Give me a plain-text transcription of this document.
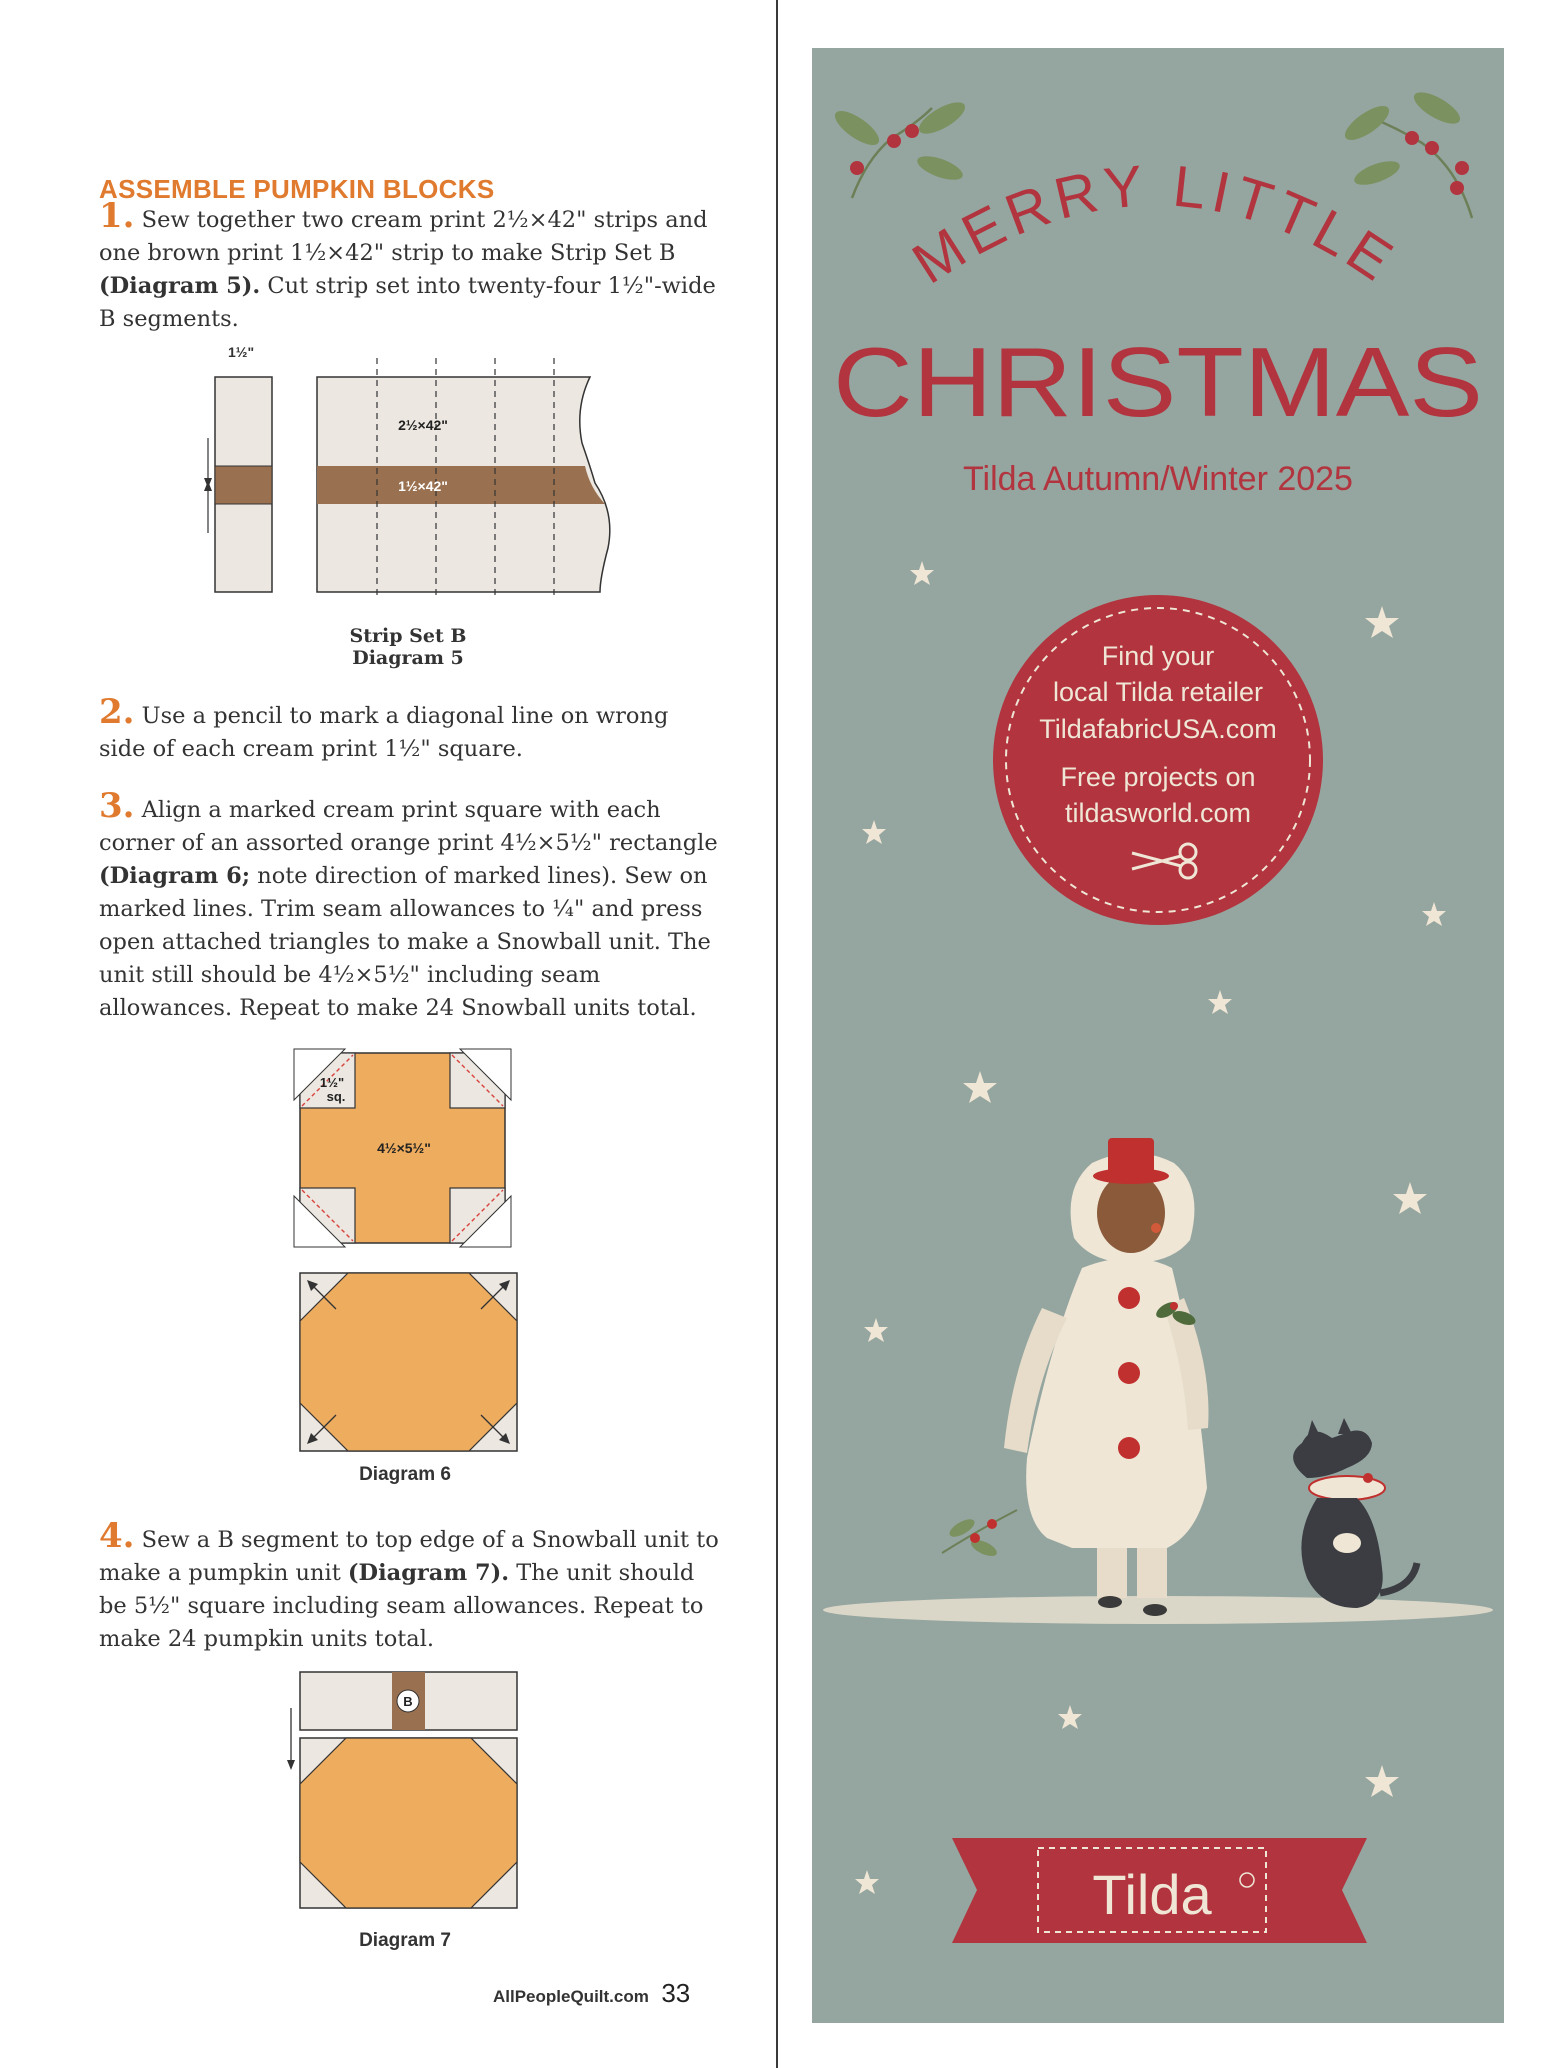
ASSEMBLE PUMPKIN BLOCKS
1. Sew together two cream print 2½×42" strips and one brown print 1½×42" strip to make Strip Set B (Diagram 5). Cut strip set into twenty-four 1½"-wide B segments.
1½"
2½×42"
1½×42"
Strip Set B
Diagram 5
2. Use a pencil to mark a diagonal line on wrong side of each cream print 1½" square.
3. Align a marked cream print square with each corner of an assorted orange print 4½×5½" rectangle (Diagram 6; note direction of marked lines). Sew on marked lines. Trim seam allowances to ¼" and press open attached triangles to make a Snowball unit. The unit still should be 4½×5½" including seam allowances. Repeat to make 24 Snowball units total.
1½"
sq.
4½×5½"
Diagram 6
4. Sew a B segment to top edge of a Snowball unit to make a pumpkin unit (Diagram 7). The unit should be 5½" square including seam allowances. Repeat to make 24 pumpkin units total.
B
Diagram 7
AllPeopleQuilt.com 33
MERRY LITTLE
CHRISTMAS
Tilda Autumn/Winter 2025
Find your
local Tilda retailer
TildafabricUSA.com
Free projects on
tildasworld.com
Tilda
